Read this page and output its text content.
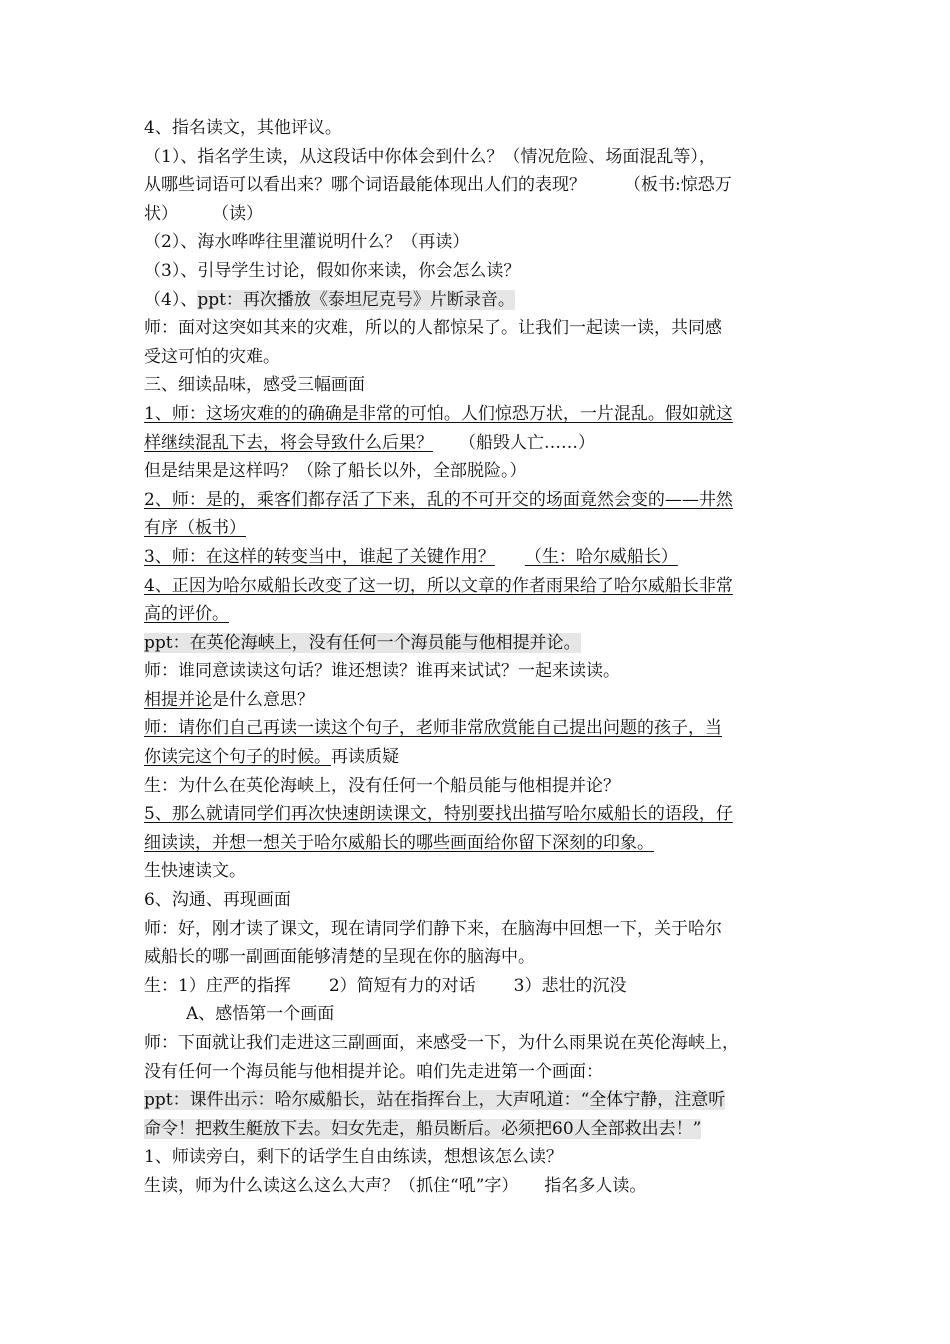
4、指名读文，其他评议。
（1）、指名学生读，从这段话中你体会到什么？（情况危险、场面混乱等），
从哪些词语可以看出来？哪个词语最能体现出人们的表现？ （板书:惊恐万
状） （读）
（2）、海水哗哗往里灌说明什么？（再读）
（3）、引导学生讨论，假如你来读，你会怎么读？
（4）、ppt：再次播放《泰坦尼克号》片断录音。
师：面对这突如其来的灾难，所以的人都惊呆了。让我们一起读一读，共同感
受这可怕的灾难。
三、细读品味，感受三幅画面
1、师：这场灾难的的确确是非常的可怕。人们惊恐万状，一片混乱。假如就这
样继续混乱下去，将会导致什么后果？ （船毁人亡……）
但是结果是这样吗？（除了船长以外，全部脱险。）
2、师：是的，乘客们都存活了下来，乱的不可开交的场面竟然会变的——井然
有序（板书）
3、师：在这样的转变当中，谁起了关键作用？ （生：哈尔威船长）
4、正因为哈尔威船长改变了这一切，所以文章的作者雨果给了哈尔威船长非常
高的评价。
ppt：在英伦海峡上，没有任何一个海员能与他相提并论。
师：谁同意读读这句话？谁还想读？谁再来试试？一起来读读。
相提并论是什么意思？
师：请你们自己再读一读这个句子，老师非常欣赏能自己提出问题的孩子，当
你读完这个句子的时候。再读质疑
生：为什么在英伦海峡上，没有任何一个船员能与他相提并论？
5、那么就请同学们再次快速朗读课文，特别要找出描写哈尔威船长的语段，仔
细读读，并想一想关于哈尔威船长的哪些画面给你留下深刻的印象。
生快速读文。
6、沟通、再现画面
师：好，刚才读了课文，现在请同学们静下来，在脑海中回想一下，关于哈尔
威船长的哪一副画面能够清楚的呈现在你的脑海中。
生：1）庄严的指挥 2）简短有力的对话 3）悲壮的沉没
A、感悟第一个画面
师：下面就让我们走进这三副画面，来感受一下，为什么雨果说在英伦海峡上，
没有任何一个海员能与他相提并论。咱们先走进第一个画面：
ppt：课件出示：哈尔威船长，站在指挥台上，大声吼道：“全体宁静，注意听
命令！把救生艇放下去。妇女先走，船员断后。必须把60人全部救出去！”
1、师读旁白，剩下的话学生自由练读，想想该怎么读？
生读，师为什么读这么这么大声？（抓住“吼”字） 指名多人读。
